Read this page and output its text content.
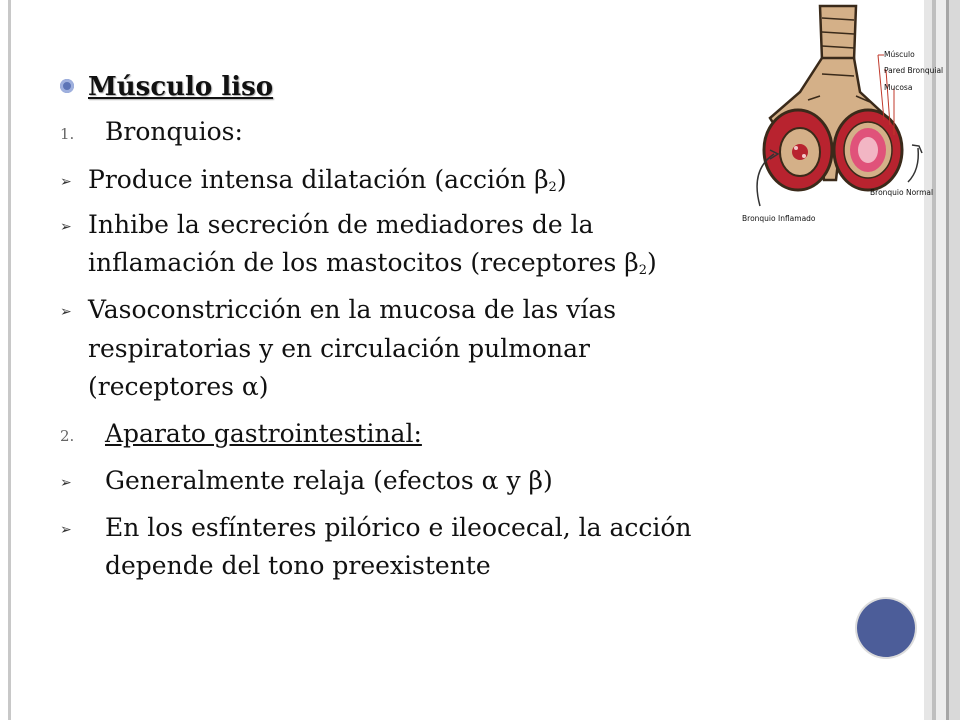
Músculo liso
1. Bronquios:
➢ Produce intensa dilatación (acción $\beta_2$)
➢ Inhibe la secreción de mediadores de la
inflamación de los mastocitos (receptores $\beta_2$)
➢ Vasoconstricción en la mucosa de las vías
respiratorias y en circulación pulmonar
(receptores α)
2. Aparato gastrointestinal:
➢ Generalmente relaja (efectos α y β)
➢ En los esfínteres pilórico e ileocecal, la acción
depende del tono preexistente
Músculo
Pared Bronquial
Mucosa
Bronquio Normal
Bronquio Inflamado
